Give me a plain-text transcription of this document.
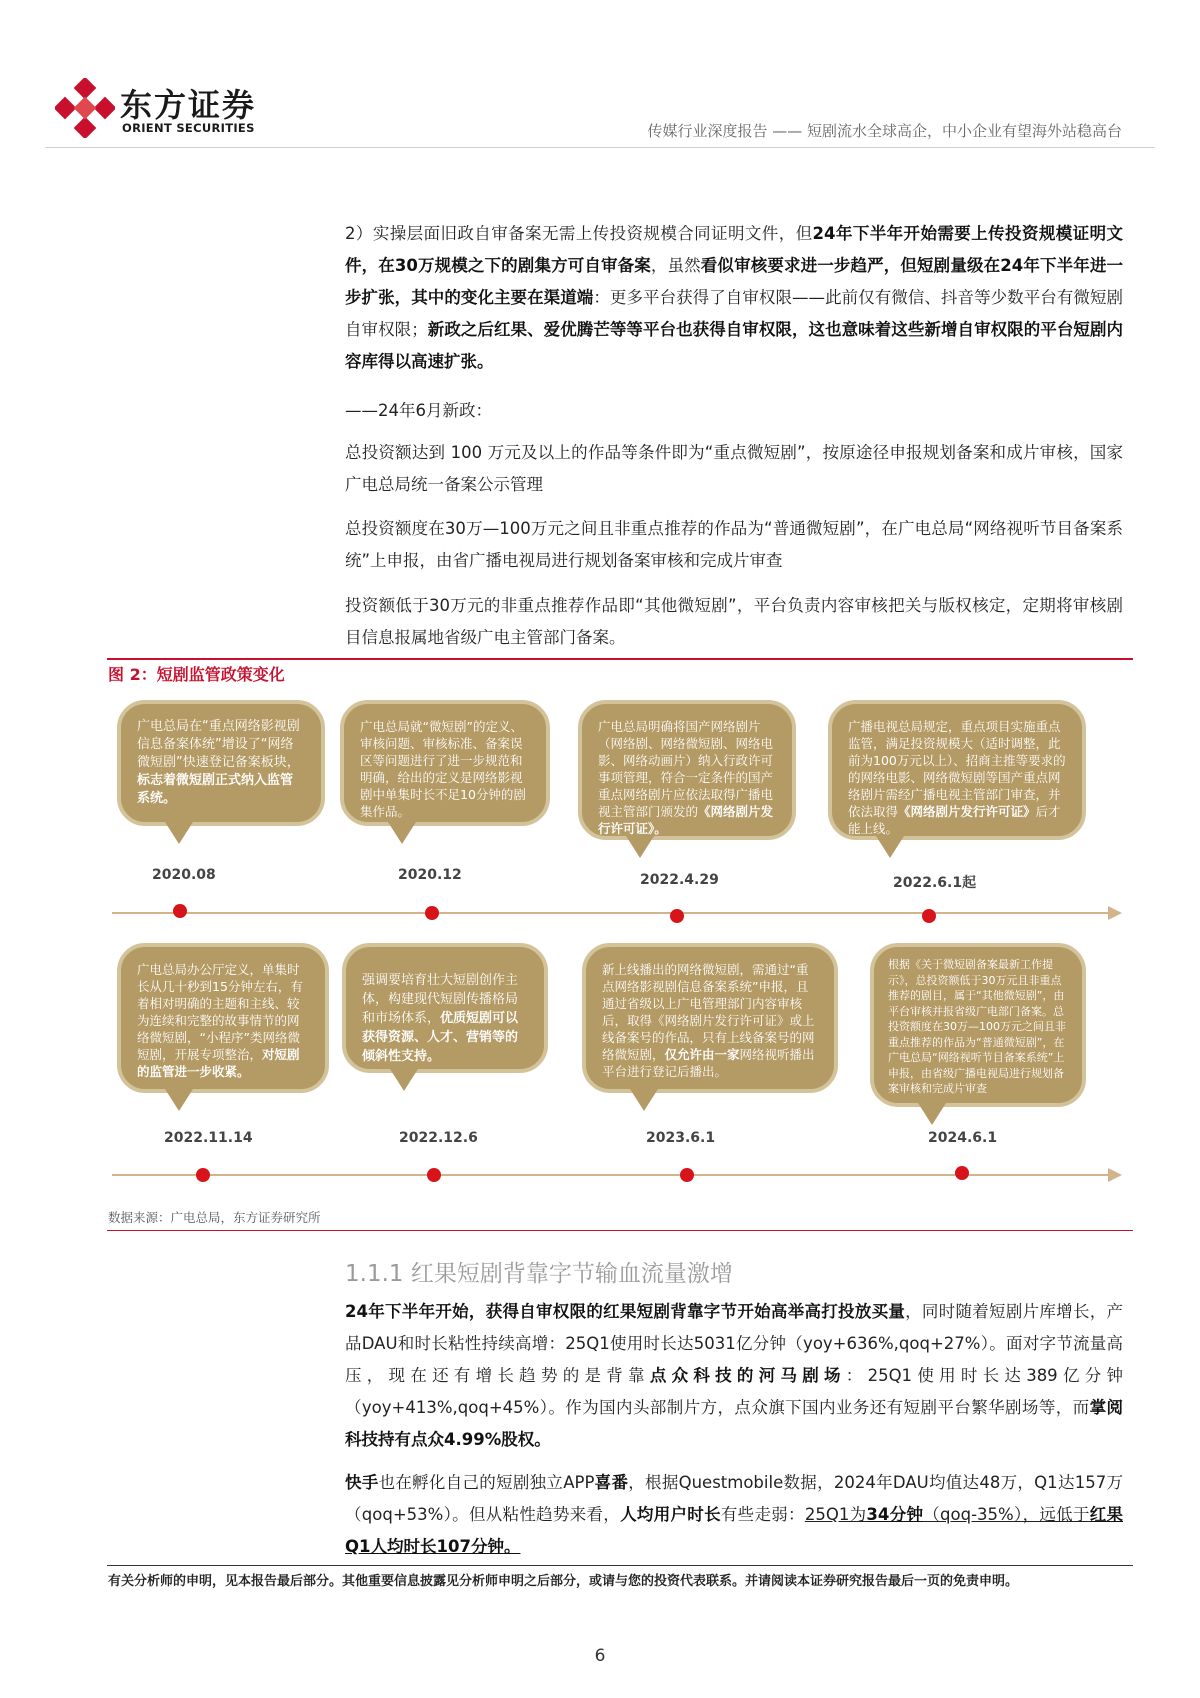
东方证券
ORIENT SECURITIES	传媒行业深度报告 —— 短剧流水全球高企，中小企业有望海外站稳高台
2）实操层面旧政自审备案无需上传投资规模合同证明文件，但24年下半年开始需要上传投资规模证明文件，在30万规模之下的剧集方可自审备案，虽然看似审核要求进一步趋严，但短剧量级在24年下半年进一步扩张，其中的变化主要在渠道端：更多平台获得了自审权限——此前仅有微信、抖音等少数平台有微短剧自审权限；新政之后红果、爱优腾芒等等平台也获得自审权限，这也意味着这些新增自审权限的平台短剧内容库得以高速扩张。
——24年6月新政：
总投资额达到 100 万元及以上的作品等条件即为“重点微短剧”，按原途径申报规划备案和成片审核，国家广电总局统一备案公示管理
总投资额度在30万—100万元之间且非重点推荐的作品为“普通微短剧”，在广电总局“网络视听节目备案系统”上申报，由省广播电视局进行规划备案审核和完成片审查
投资额低于30万元的非重点推荐作品即“其他微短剧”，平台负责内容审核把关与版权核定，定期将审核剧目信息报属地省级广电主管部门备案。
图 2：短剧监管政策变化
广电总局在“重点网络影视剧信息备案体统”增设了“网络微短剧”快速登记备案板块，标志着微短剧正式纳入监管系统。
广电总局就“微短剧”的定义、审核问题、审核标准、备案误区等问题进行了进一步规范和明确，给出的定义是网络影视剧中单集时长不足10分钟的剧集作品。
广电总局明确将国产网络剧片（网络剧、网络微短剧、网络电影、网络动画片）纳入行政许可事项管理，符合一定条件的国产重点网络剧片应依法取得广播电视主管部门颁发的《网络剧片发行许可证》。
广播电视总局规定，重点项目实施重点监管，满足投资规模大（适时调整，此前为100万元以上）、招商主推等要求的的网络电影、网络微短剧等国产重点网络剧片需经广播电视主管部门审查，并依法取得《网络剧片发行许可证》后才能上线。
2020.08	2020.12	2022.4.29	2022.6.1起
广电总局办公厅定义，单集时长从几十秒到15分钟左右，有着相对明确的主题和主线、较为连续和完整的故事情节的网络微短剧，“小程序”类网络微短剧，开展专项整治，对短剧的监管进一步收紧。
强调要培育壮大短剧创作主体，构建现代短剧传播格局和市场体系，优质短剧可以获得资源、人才、营销等的倾斜性支持。
新上线播出的网络微短剧，需通过“重点网络影视剧信息备案系统”申报，且通过省级以上广电管理部门内容审核后，取得《网络剧片发行许可证》或上线备案号的作品，只有上线备案号的网络微短剧，仅允许由一家网络视听播出平台进行登记后播出。
根据《关于微短剧备案最新工作提示》，总投资额低于30万元且非重点推荐的剧目，属于“其他微短剧”，由平台审核并报省级广电部门备案。总投资额度在30万—100万元之间且非重点推荐的作品为“普通微短剧”，在广电总局“网络视听节目备案系统”上申报，由省级广播电视局进行规划备案审核和完成片审查
2022.11.14	2022.12.6	2023.6.1	2024.6.1
数据来源：广电总局，东方证券研究所
1.1.1 红果短剧背靠字节输血流量激增
24年下半年开始，获得自审权限的红果短剧背靠字节开始高举高打投放买量，同时随着短剧片库增长，产品DAU和时长粘性持续高增：25Q1使用时长达5031亿分钟（yoy+636%,qoq+27%）。面对字节流量高压，现在还有增长趋势的是背靠点众科技的河马剧场：25Q1使用时长达389亿分钟（yoy+413%,qoq+45%）。作为国内头部制片方，点众旗下国内业务还有短剧平台繁华剧场等，而掌阅科技持有点众4.99%股权。
快手也在孵化自己的短剧独立APP喜番，根据Questmobile数据，2024年DAU均值达48万，Q1达157万（qoq+53%）。但从粘性趋势来看，人均用户时长有些走弱：25Q1为34分钟（qoq-35%），远低于红果Q1人均时长107分钟。
有关分析师的申明，见本报告最后部分。其他重要信息披露见分析师申明之后部分，或请与您的投资代表联系。并请阅读本证券研究报告最后一页的免责申明。
6
